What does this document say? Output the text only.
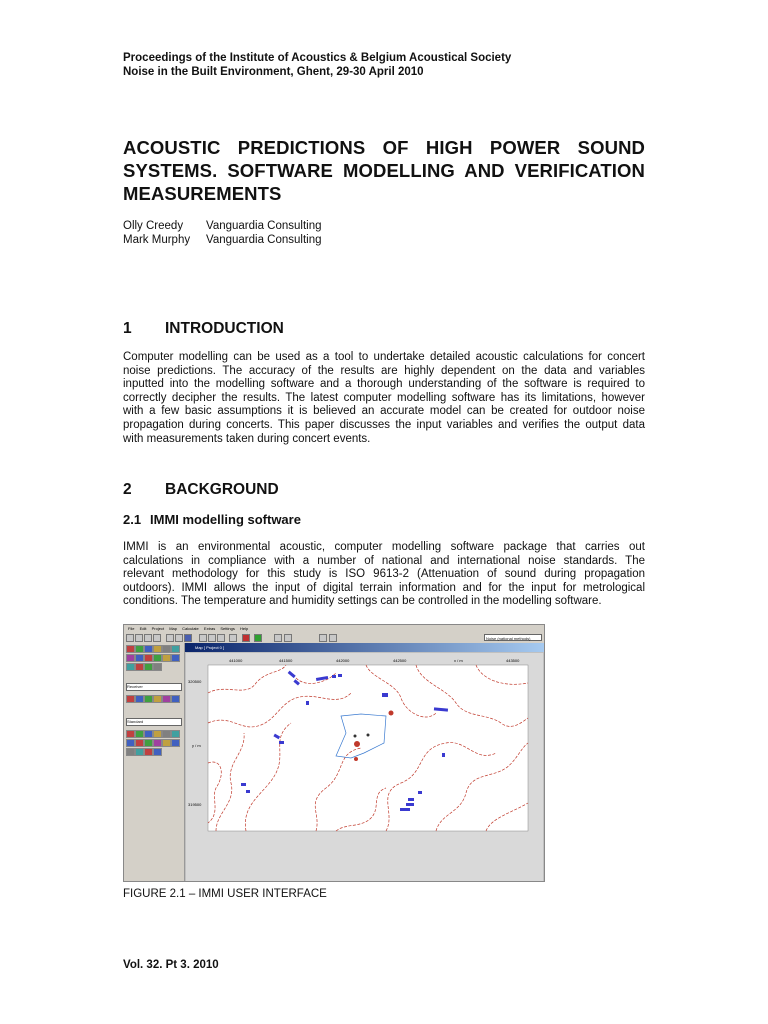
Proceedings of the Institute of Acoustics & Belgium Acoustical Society
Noise in the Built Environment, Ghent, 29-30 April 2010
ACOUSTIC PREDICTIONS OF HIGH POWER SOUND
SYSTEMS. SOFTWARE MODELLING AND VERIFICATION
MEASUREMENTS
Olly Creedy	Vanguardia Consulting
Mark Murphy	Vanguardia Consulting
1 INTRODUCTION
Computer modelling can be used as a tool to undertake detailed acoustic calculations for concert
noise predictions. The accuracy of the results are highly dependent on the data and variables
inputted into the modelling software and a thorough understanding of the software is required to
correctly decipher the results. The latest computer modelling software has its limitations, however
with a few basic assumptions it is believed an accurate model can be created for outdoor noise
propagation during concerts. This paper discusses the input variables and verifies the output data
with measurements taken during concert events.
2 BACKGROUND
2.1 IMMI modelling software
IMMI is an environmental acoustic, computer modelling software package that carries out
calculations in compliance with a number of national and international noise standards. The
relevant methodology for this study is ISO 9613-2 (Attenuation of sound during propagation
outdoors). IMMI allows the input of digital terrain information and for the input for metrological
conditions. The temperature and humidity settings can be controlled in the modelling software.
File Edit Project Map Calculate Extras Settings Help
Noise (national methods)
Receiver
Standard
Map [ Project 0 ]
441000	441500	442000	442500	x / m	443500
320500
y / m
319500
FIGURE 2.1 – IMMI USER INTERFACE
Vol. 32. Pt 3. 2010
